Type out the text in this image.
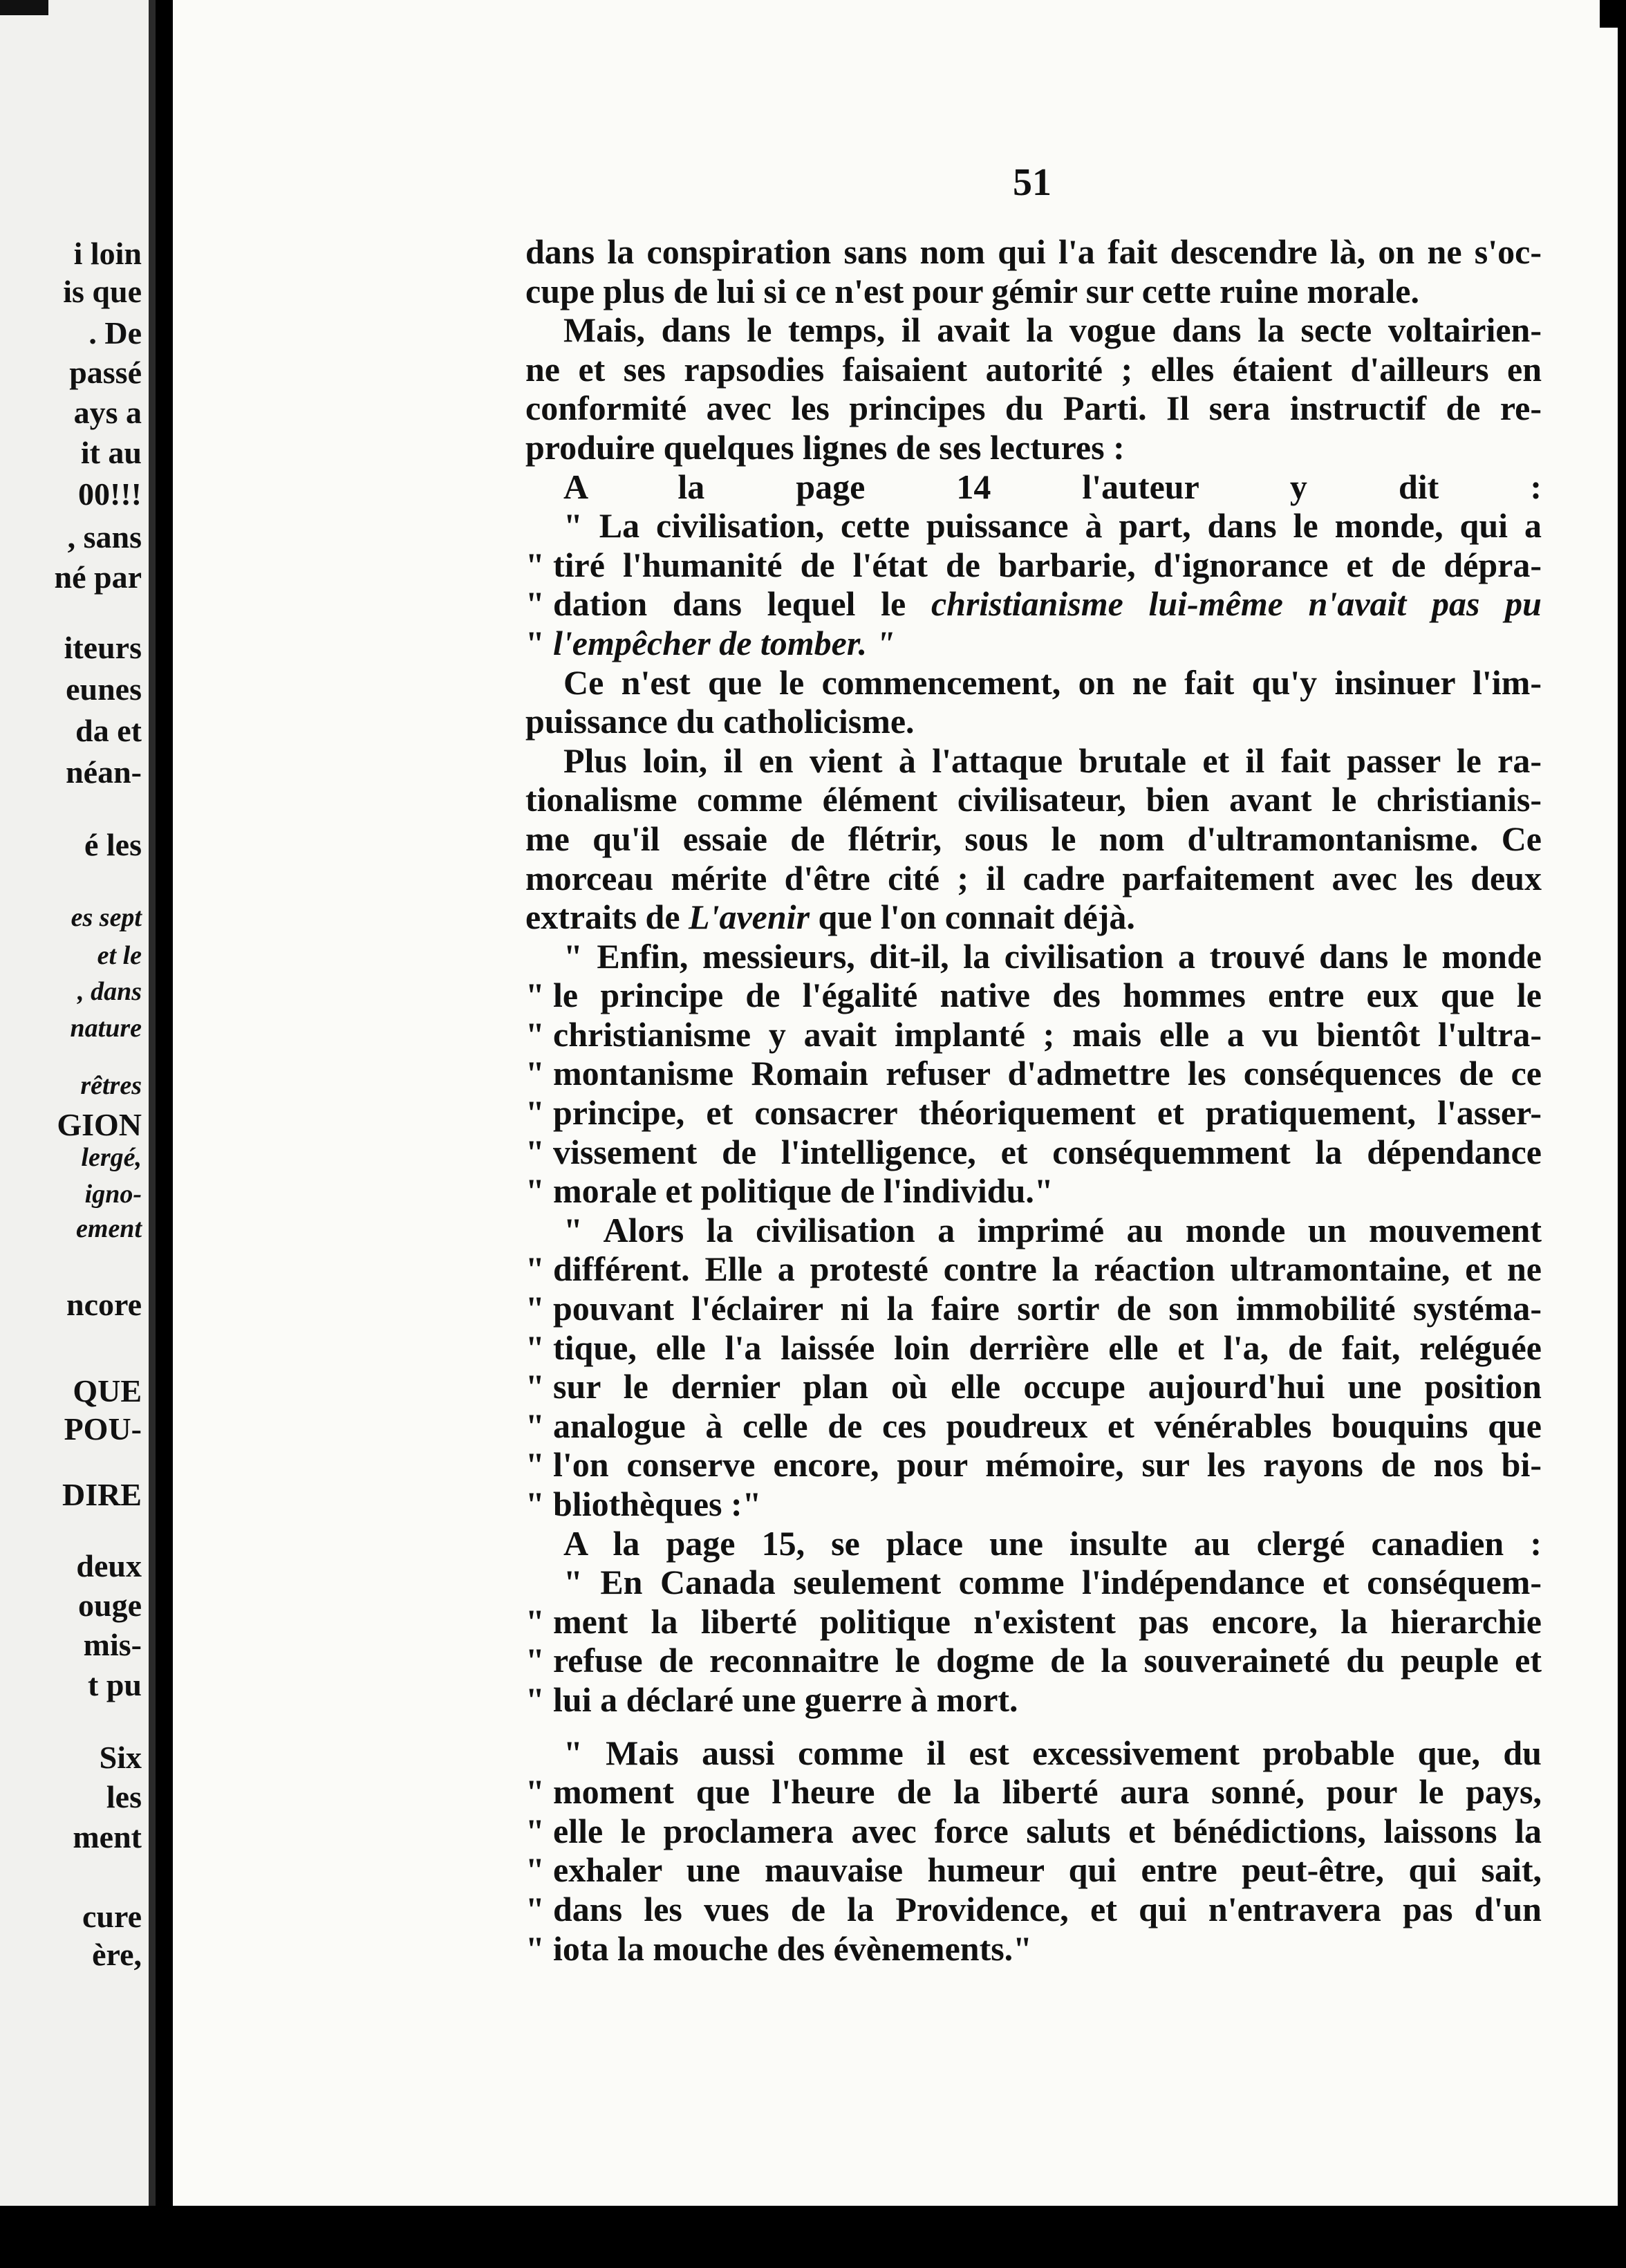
i loin
is que
. De
passé
ays a
it au
00!!!
, sans
né par
iteurs
eunes
da et
néan-
é les
es sept
et le
, dans
nature
rêtres
GION
lergé,
igno-
ement
ncore
QUE
POU-
DIRE
deux
ouge
mis-
t pu
Six
les
ment
cure
ère,
51
dans la conspiration sans nom qui l'a fait descendre là, on ne s'oc-
cupe plus de lui si ce n'est pour gémir sur cette ruine morale.
Mais, dans le temps, il avait la vogue dans la secte voltairien-
ne et ses rapsodies faisaient autorité ; elles étaient d'ailleurs en
conformité avec les principes du Parti. Il sera instructif de re-
produire quelques lignes de ses lectures :
A la page 14 l'auteur y dit :
" La civilisation, cette puissance à part, dans le monde, qui a
" tiré l'humanité de l'état de barbarie, d'ignorance et de dépra-
" dation dans lequel le christianisme lui-même n'avait pas pu
" l'empêcher de tomber. "
Ce n'est que le commencement, on ne fait qu'y insinuer l'im-
puissance du catholicisme.
Plus loin, il en vient à l'attaque brutale et il fait passer le ra-
tionalisme comme élément civilisateur, bien avant le christianis-
me qu'il essaie de flétrir, sous le nom d'ultramontanisme. Ce
morceau mérite d'être cité ; il cadre parfaitement avec les deux
extraits de L'avenir que l'on connait déjà.
" Enfin, messieurs, dit-il, la civilisation a trouvé dans le monde
" le principe de l'égalité native des hommes entre eux que le
" christianisme y avait implanté ; mais elle a vu bientôt l'ultra-
" montanisme Romain refuser d'admettre les conséquences de ce
" principe, et consacrer théoriquement et pratiquement, l'asser-
" vissement de l'intelligence, et conséquemment la dépendance
" morale et politique de l'individu."
" Alors la civilisation a imprimé au monde un mouvement
" différent. Elle a protesté contre la réaction ultramontaine, et ne
" pouvant l'éclairer ni la faire sortir de son immobilité systéma-
" tique, elle l'a laissée loin derrière elle et l'a, de fait, reléguée
" sur le dernier plan où elle occupe aujourd'hui une position
" analogue à celle de ces poudreux et vénérables bouquins que
" l'on conserve encore, pour mémoire, sur les rayons de nos bi-
" bliothèques :"
A la page 15, se place une insulte au clergé canadien :
" En Canada seulement comme l'indépendance et conséquem-
" ment la liberté politique n'existent pas encore, la hierarchie
" refuse de reconnaitre le dogme de la souveraineté du peuple et
" lui a déclaré une guerre à mort.
" Mais aussi comme il est excessivement probable que, du
" moment que l'heure de la liberté aura sonné, pour le pays,
" elle le proclamera avec force saluts et bénédictions, laissons la
" exhaler une mauvaise humeur qui entre peut-être, qui sait,
" dans les vues de la Providence, et qui n'entravera pas d'un
" iota la mouche des évènements."
